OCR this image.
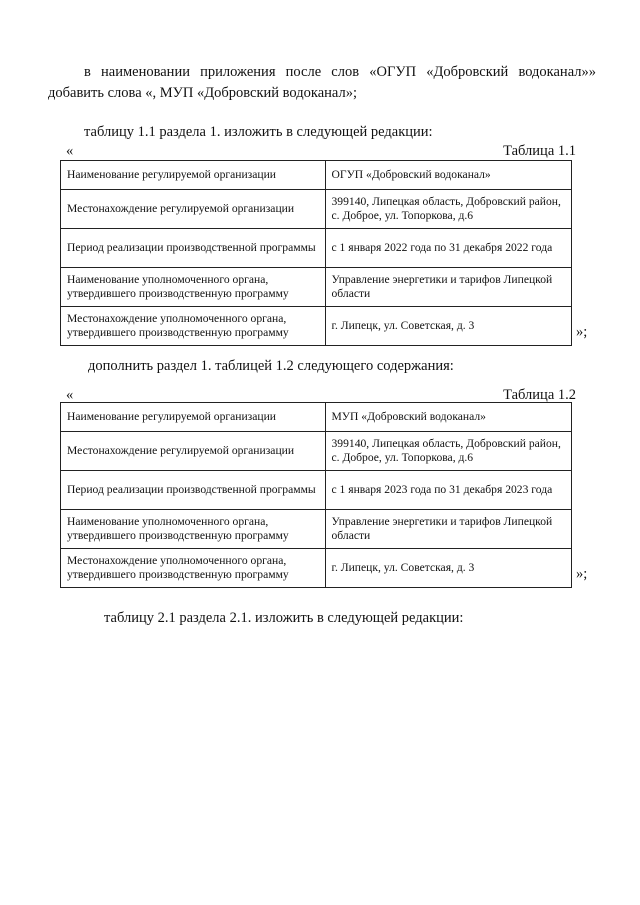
в наименовании приложения после слов «ОГУП «Добровский водоканал»»
добавить слова «, МУП «Добровский водоканал»;
таблицу 1.1 раздела 1. изложить в следующей редакции:
«	Таблица 1.1
Наименование регулируемой организации	ОГУП «Добровский водоканал»
Местонахождение регулируемой организации	399140, Липецкая область, Добровский район, с. Доброе, ул. Топоркова, д.6
Период реализации производственной программы	с 1 января 2022 года по 31 декабря 2022 года
Наименование уполномоченного органа, утвердившего производственную программу	Управление энергетики и тарифов Липецкой области
Местонахождение уполномоченного органа, утвердившего производственную программу	г. Липецк, ул. Советская, д. 3	»;
дополнить раздел 1. таблицей 1.2 следующего содержания:
«	Таблица 1.2
Наименование регулируемой организации	МУП «Добровский водоканал»
Местонахождение регулируемой организации	399140, Липецкая область, Добровский район, с. Доброе, ул. Топоркова, д.6
Период реализации производственной программы	с 1 января 2023 года по 31 декабря 2023 года
Наименование уполномоченного органа, утвердившего производственную программу	Управление энергетики и тарифов Липецкой области
Местонахождение уполномоченного органа, утвердившего производственную программу	г. Липецк, ул. Советская, д. 3	»;
таблицу 2.1 раздела 2.1. изложить в следующей редакции:
